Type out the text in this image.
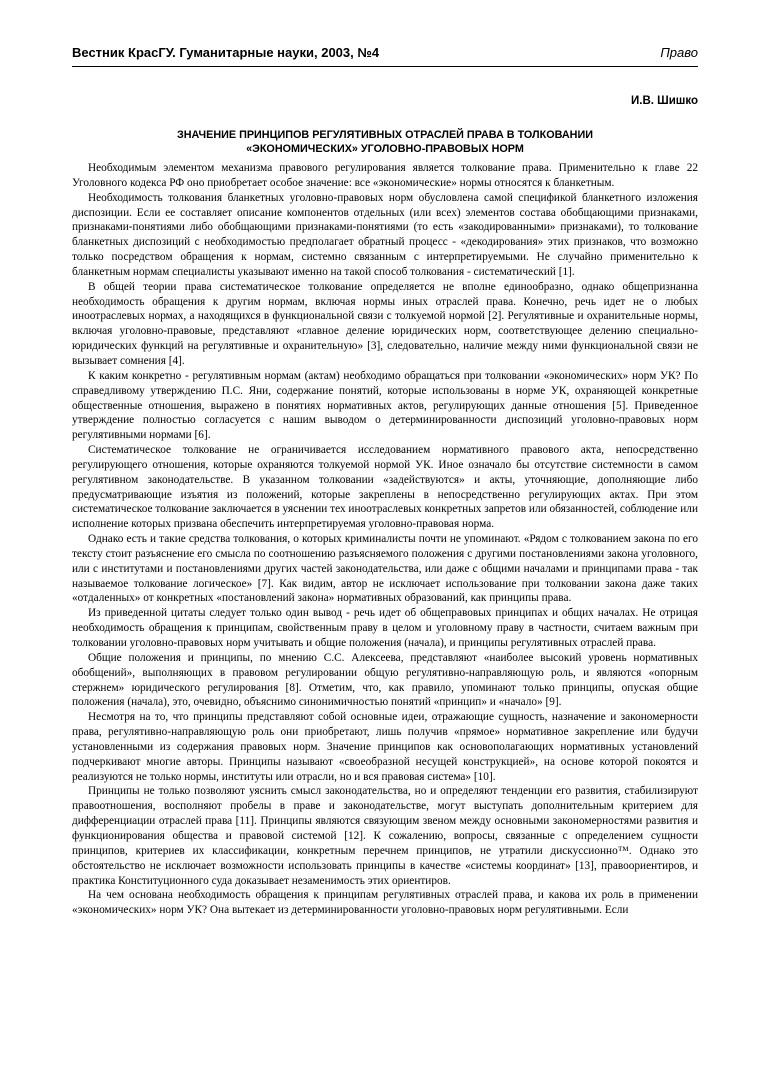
Вестник КрасГУ. Гуманитарные науки, 2003, №4	Право
И.В. Шишко
ЗНАЧЕНИЕ ПРИНЦИПОВ РЕГУЛЯТИВНЫХ ОТРАСЛЕЙ ПРАВА В ТОЛКОВАНИИ
«ЭКОНОМИЧЕСКИХ» УГОЛОВНО-ПРАВОВЫХ НОРМ

Необходимым элементом механизма правового регулирования является толкование права. Применительно к главе 22 Уголовного кодекса РФ оно приобретает особое значение: все «экономические» нормы относятся к бланкетным.

Необходимость толкования бланкетных уголовно-правовых норм обусловлена самой спецификой бланкетного изложения диспозиции. Если ее составляет описание компонентов отдельных (или всех) элементов состава обобщающими признаками, признаками-понятиями либо обобщающими признаками-понятиями (то есть «закодированными» признаками), то толкование бланкетных диспозиций с необходимостью предполагает обратный процесс - «декодирования» этих признаков, что возможно только посредством обращения к нормам, системно связанным с интерпретируемыми. Не случайно применительно к бланкетным нормам специалисты указывают именно на такой способ толкования - систематический [1].

В общей теории права систематическое толкование определяется не вполне единообразно, однако общепризнанна необходимость обращения к другим нормам, включая нормы иных отраслей права. Конечно, речь идет не о любых иноотраслевых нормах, а находящихся в функциональной связи с толкуемой нормой [2]. Регулятивные и охранительные нормы, включая уголовно-правовые, представляют «главное деление юридических норм, соответствующее делению специально-юридических функций на регулятивные и охранительную» [3], следовательно, наличие между ними функциональной связи не вызывает сомнения [4].

К каким конкретно - регулятивным нормам (актам) необходимо обращаться при толковании «экономических» норм УК? По справедливому утверждению П.С. Яни, содержание понятий, которые использованы в норме УК, охраняющей конкретные общественные отношения, выражено в понятиях нормативных актов, регулирующих данные отношения [5]. Приведенное утверждение полностью согласуется с нашим выводом о детерминированности диспозиций уголовно-правовых норм регулятивными нормами [6].

Систематическое толкование не ограничивается исследованием нормативного правового акта, непосредственно регулирующего отношения, которые охраняются толкуемой нормой УК. Иное означало бы отсутствие системности в самом регулятивном законодательстве. В указанном толковании «задействуются» и акты, уточняющие, дополняющие либо предусматривающие изъятия из положений, которые закреплены в непосредственно регулирующих актах. При этом систематическое толкование заключается в уяснении тех иноотраслевых конкретных запретов или обязанностей, соблюдение или исполнение которых призвана обеспечить интерпретируемая уголовно-правовая норма.

Однако есть и такие средства толкования, о которых криминалисты почти не упоминают. «Рядом с толкованием закона по его тексту стоит разъяснение его смысла по соотношению разъясняемого положения с другими постановлениями закона уголовного, или с институтами и постановлениями других частей законодательства, или даже с общими началами и принципами права - так называемое толкование логическое» [7]. Как видим, автор не исключает использование при толковании закона даже таких «отдаленных» от конкретных «постановлений закона» нормативных образований, как принципы права.

Из приведенной цитаты следует только один вывод - речь идет об общеправовых принципах и общих началах. Не отрицая необходимость обращения к принципам, свойственным праву в целом и уголовному праву в частности, считаем важным при толковании уголовно-правовых норм учитывать и общие положения (начала), и принципы регулятивных отраслей права.

Общие положения и принципы, по мнению С.С. Алексеева, представляют «наиболее высокий уровень нормативных обобщений», выполняющих в правовом регулировании общую регулятивно-направляющую роль, и являются «опорным стержнем» юридического регулирования [8]. Отметим, что, как правило, упоминают только принципы, опуская общие положения (начала), это, очевидно, объяснимо синонимичностью понятий «принцип» и «начало» [9].

Несмотря на то, что принципы представляют собой основные идеи, отражающие сущность, назначение и закономерности права, регулятивно-направляющую роль они приобретают, лишь получив «прямое» нормативное закрепление или будучи установленными из содержания правовых норм. Значение принципов как основополагающих нормативных установлений подчеркивают многие авторы. Принципы называют «своеобразной несущей конструкцией», на основе которой покоятся и реализуются не только нормы, институты или отрасли, но и вся правовая система» [10].

Принципы не только позволяют уяснить смысл законодательства, но и определяют тенденции его развития, стабилизируют правоотношения, восполняют пробелы в праве и законодательстве, могут выступать дополнительным критерием для дифференциации отраслей права [11]. Принципы являются связующим звеном между основными закономерностями развития и функционирования общества и правовой системой [12]. К сожалению, вопросы, связанные с определением сущности принципов, критериев их классификации, конкретным перечнем принципов, не утратили дискуссионно™. Однако это обстоятельство не исключает возможности использовать принципы в качестве «системы координат» [13], правоориентиров, и практика Конституционного суда доказывает незаменимость этих ориентиров.

На чем основана необходимость обращения к принципам регулятивных отраслей права, и какова их роль в применении «экономических» норм УК? Она вытекает из детерминированности уголовно-правовых норм регулятивными. Если
